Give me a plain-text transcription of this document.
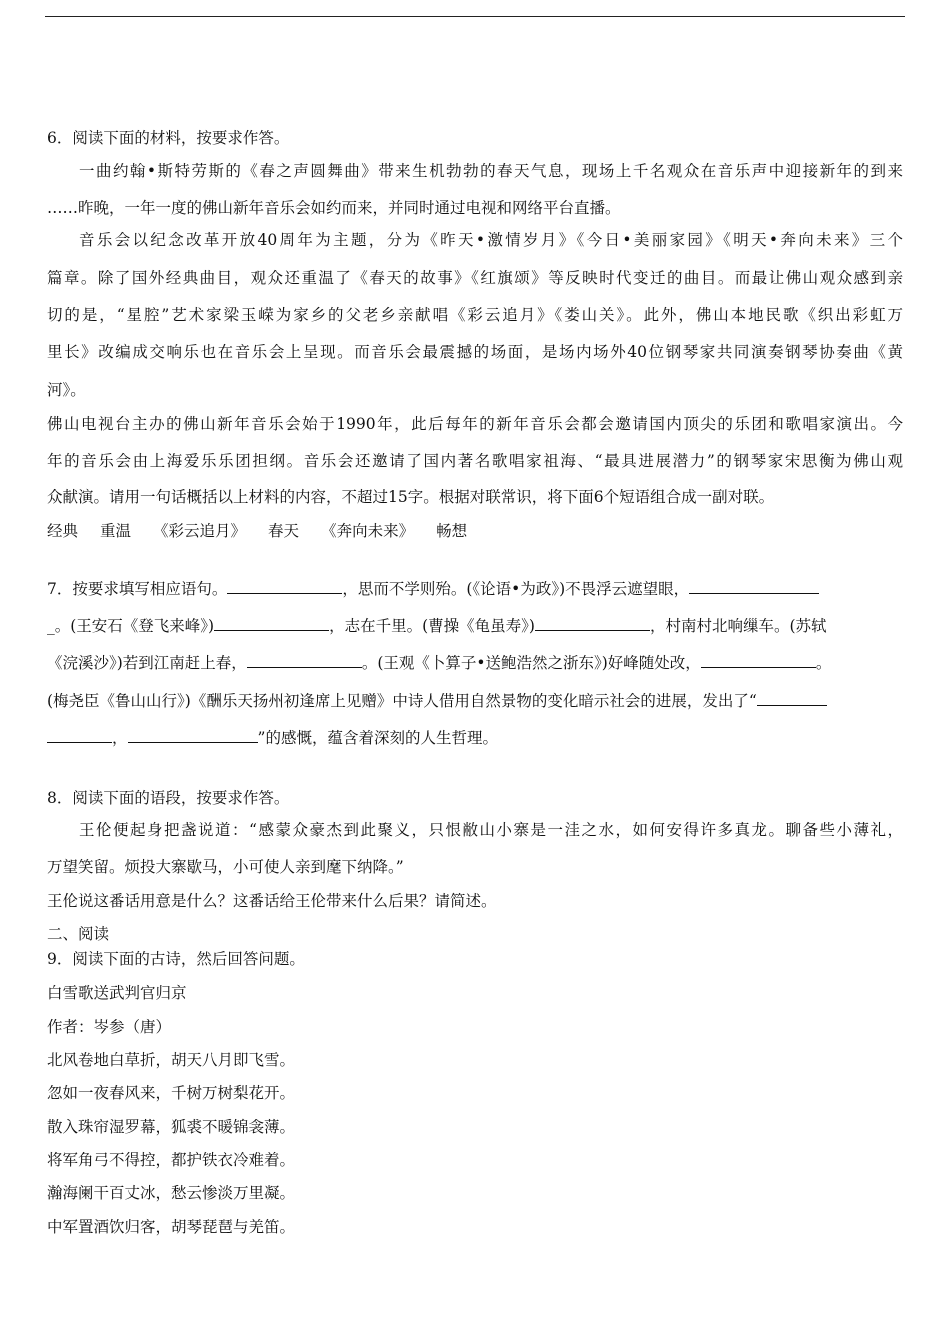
6．阅读下面的材料，按要求作答。
一曲约翰•斯特劳斯的《春之声圆舞曲》带来生机勃勃的春天气息，现场上千名观众在音乐声中迎接新年的到来
……昨晚，一年一度的佛山新年音乐会如约而来，并同时通过电视和网络平台直播。
音乐会以纪念改革开放40周年为主题，分为《昨天•激情岁月》《今日•美丽家园》《明天•奔向未来》三个
篇章。除了国外经典曲目，观众还重温了《春天的故事》《红旗颂》等反映时代变迁的曲目。而最让佛山观众感到亲
切的是，“星腔”艺术家梁玉嵘为家乡的父老乡亲献唱《彩云追月》《娄山关》。此外，佛山本地民歌《织出彩虹万
里长》改编成交响乐也在音乐会上呈现。而音乐会最震撼的场面，是场内场外40位钢琴家共同演奏钢琴协奏曲《黄
河》。
佛山电视台主办的佛山新年音乐会始于1990年，此后每年的新年音乐会都会邀请国内顶尖的乐团和歌唱家演出。今
年的音乐会由上海爱乐乐团担纲。音乐会还邀请了国内著名歌唱家祖海、“最具进展潜力”的钢琴家宋思衡为佛山观
众献演。请用一句话概括以上材料的内容，不超过15字。根据对联常识，将下面6个短语组合成一副对联。
经典 重温 《彩云追月》 春天 《奔向未来》 畅想
7．按要求填写相应语句。	，思而不学则殆。(《论语•为政》)不畏浮云遮望眼，
_。(王安石《登飞来峰》)	，志在千里。(曹操《龟虽寿》)	，村南村北响缫车。(苏轼
《浣溪沙》)若到江南赶上春，	。(王观《卜算子•送鲍浩然之浙东》)好峰随处改，	。
(梅尧臣《鲁山山行》)《酬乐天扬州初逢席上见赠》中诗人借用自然景物的变化暗示社会的进展，发出了“
，	”的感慨，蕴含着深刻的人生哲理。
8．阅读下面的语段，按要求作答。
王伦便起身把盏说道：“感蒙众豪杰到此聚义，只恨敝山小寨是一洼之水，如何安得许多真龙。聊备些小薄礼，
万望笑留。烦投大寨歇马，小可使人亲到麾下纳降。”
王伦说这番话用意是什么？这番话给王伦带来什么后果？请简述。
二、阅读
9．阅读下面的古诗，然后回答问题。
白雪歌送武判官归京
作者：岑参（唐）
北风卷地白草折，胡天八月即飞雪。
忽如一夜春风来，千树万树梨花开。
散入珠帘湿罗幕，狐裘不暖锦衾薄。
将军角弓不得控，都护铁衣冷难着。
瀚海阑干百丈冰，愁云惨淡万里凝。
中军置酒饮归客，胡琴琵琶与羌笛。
